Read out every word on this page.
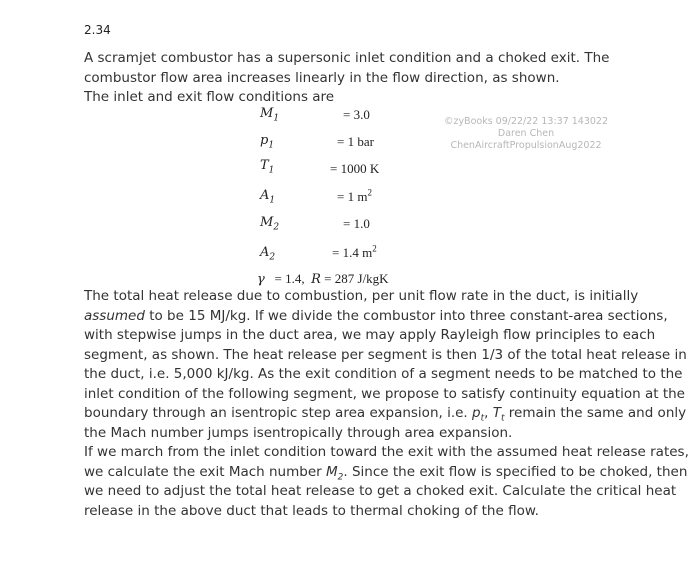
2.34
A scramjet combustor has a supersonic inlet condition and a choked exit. The
combustor flow area increases linearly in the flow direction, as shown.
The inlet and exit flow conditions are
$M_1$
$p_1$
$T_1$
$A_1$
$M_2$
$A_2$
= 3.0
= 1 bar
= 1000 K
= 1 $m^2$
= 1.0
= 1.4 $m^2$
γ = 1.4, R = 287 J/kgK
©zyBooks 09/22/22 13:37 143022
Daren Chen
ChenAircraftPropulsionAug2022

The total heat release due to combustion, per unit flow rate in the duct, is initially assumed to be 15 MJ/kg. If we divide the combustor into three constant-area sections, with stepwise jumps in the duct area, we may apply Rayleigh flow principles to each segment, as shown. The heat release per segment is then 1/3 of the total heat release in the duct, i.e. 5,000 kJ/kg. As the exit condition of a segment needs to be matched to the inlet condition of the following segment, we propose to satisfy continuity equation at the boundary through an isentropic step area expansion, i.e. $p_t$, $T_t$ remain the same and only the Mach number jumps isentropically through area expansion.

If we march from the inlet condition toward the exit with the assumed heat release rates, we calculate the exit Mach number $M_2$. Since the exit flow is specified to be choked, then we need to adjust the total heat release to get a choked exit. Calculate the critical heat release in the above duct that leads to thermal choking of the flow.
